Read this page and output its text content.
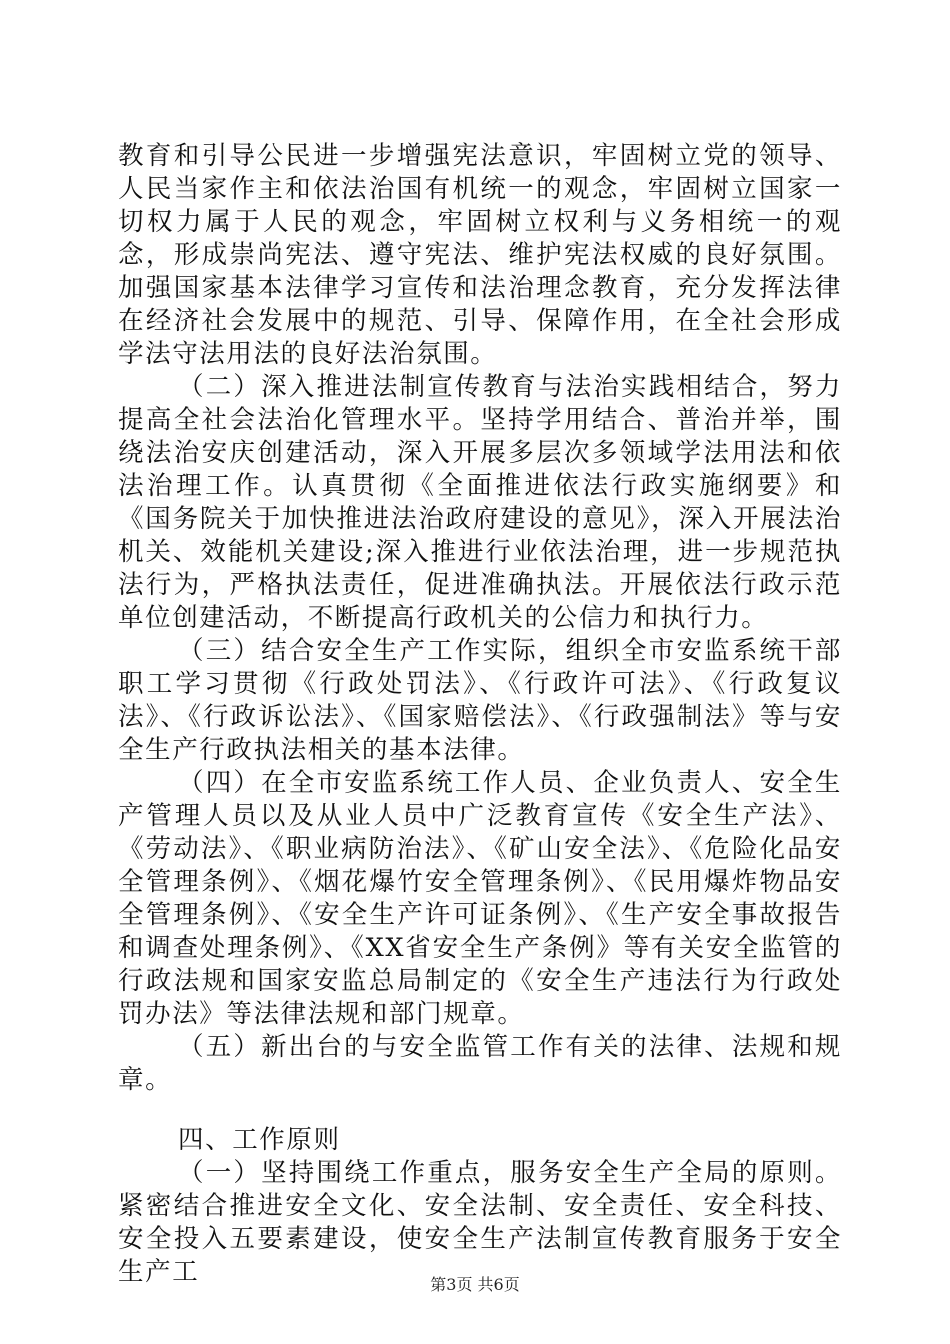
教育和引导公民进一步增强宪法意识，牢固树立党的领导、人民当家作主和依法治国有机统一的观念，牢固树立国家一切权力属于人民的观念，牢固树立权利与义务相统一的观念，形成崇尚宪法、遵守宪法、维护宪法权威的良好氛围。加强国家基本法律学习宣传和法治理念教育，充分发挥法律在经济社会发展中的规范、引导、保障作用，在全社会形成学法守法用法的良好法治氛围。

（二）深入推进法制宣传教育与法治实践相结合，努力提高全社会法治化管理水平。坚持学用结合、普治并举，围绕法治安庆创建活动，深入开展多层次多领域学法用法和依法治理工作。认真贯彻《全面推进依法行政实施纲要》和《国务院关于加快推进法治政府建设的意见》，深入开展法治机关、效能机关建设;深入推进行业依法治理，进一步规范执法行为，严格执法责任，促进准确执法。开展依法行政示范单位创建活动，不断提高行政机关的公信力和执行力。

（三）结合安全生产工作实际，组织全市安监系统干部职工学习贯彻《行政处罚法》、《行政许可法》、《行政复议法》、《行政诉讼法》、《国家赔偿法》、《行政强制法》等与安全生产行政执法相关的基本法律。

（四）在全市安监系统工作人员、企业负责人、安全生产管理人员以及从业人员中广泛教育宣传《安全生产法》、《劳动法》、《职业病防治法》、《矿山安全法》、《危险化品安全管理条例》、《烟花爆竹安全管理条例》、《民用爆炸物品安全管理条例》、《安全生产许可证条例》、《生产安全事故报告和调查处理条例》、《XX省安全生产条例》等有关安全监管的行政法规和国家安监总局制定的《安全生产违法行为行政处罚办法》等法律法规和部门规章。

（五）新出台的与安全监管工作有关的法律、法规和规章。

四、工作原则

（一）坚持围绕工作重点，服务安全生产全局的原则。紧密结合推进安全文化、安全法制、安全责任、安全科技、安全投入五要素建设，使安全生产法制宣传教育服务于安全生产工	第3页 共6页
